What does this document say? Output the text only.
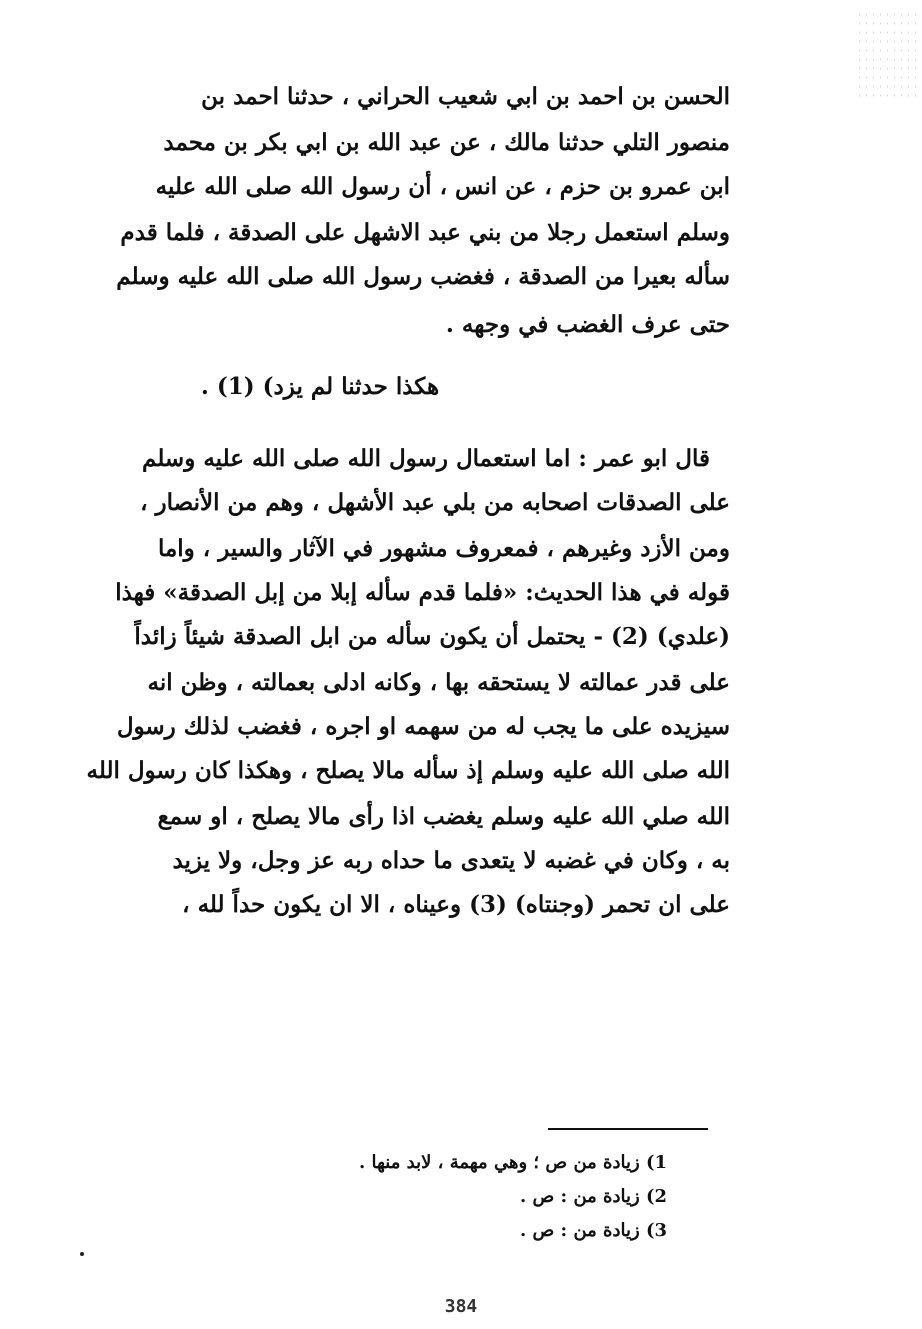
الحسن بن احمد بن ابي شعيب الحراني ، حدثنا احمد بن
منصور التلي حدثنا مالك ، عن عبد الله بن ابي بكر بن محمد
ابن عمرو بن حزم ، عن انس ، أن رسول الله صلى الله عليه
وسلم استعمل رجلا من بني عبد الاشهل على الصدقة ، فلما قدم
سأله بعيرا من الصدقة ، فغضب رسول الله صلى الله عليه وسلم
حتى عرف الغضب في وجهه .
هكذا حدثنا لم يزد) (1) .
قال ابو عمر : اما استعمال رسول الله صلى الله عليه وسلم
على الصدقات اصحابه من بلي عبد الأشهل ، وهم من الأنصار ،
ومن الأزد وغيرهم ، فمعروف مشهور في الآثار والسير ، واما
قوله في هذا الحديث: «فلما قدم سأله إبلا من إبل الصدقة» فهذا
(علدي) (2) - يحتمل أن يكون سأله من ابل الصدقة شيئاً زائداً
على قدر عمالته لا يستحقه بها ، وكانه ادلى بعمالته ، وظن انه
سيزيده على ما يجب له من سهمه او اجره ، فغضب لذلك رسول
الله صلى الله عليه وسلم إذ سأله مالا يصلح ، وهكذا كان رسول الله
الله صلي الله عليه وسلم يغضب اذا رأى مالا يصلح ، او سمع
به ، وكان في غضبه لا يتعدى ما حداه ربه عز وجل، ولا يزيد
على ان تحمر (وجنتاه) (3) وعيناه ، الا ان يكون حداً لله ،
1) زيادة من ص ؛ وهي مهمة ، لابد منها .
2) زيادة من : ص .
3) زيادة من : ص .
384
